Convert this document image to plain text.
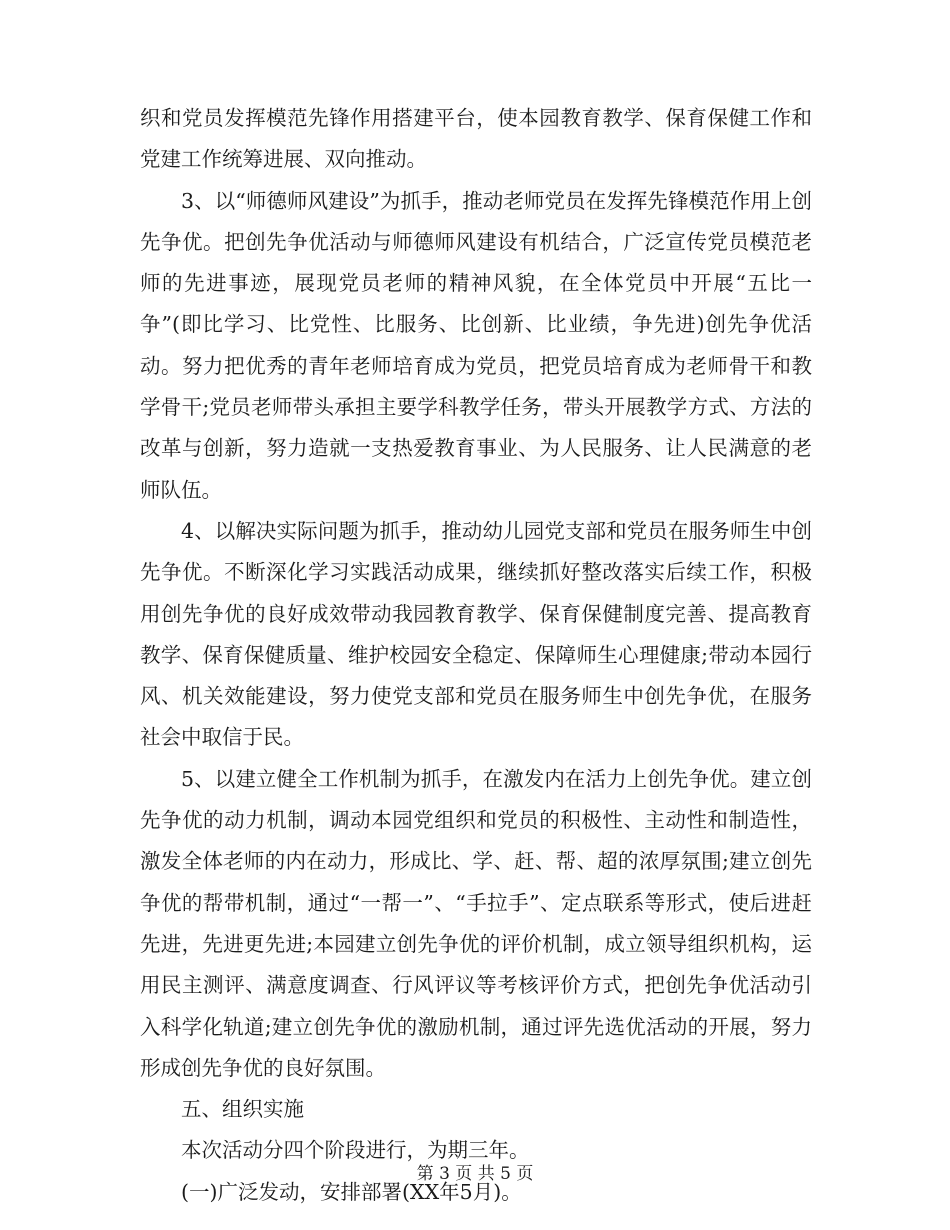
织和党员发挥模范先锋作用搭建平台，使本园教育教学、保育保健工作和党建工作统筹进展、双向推动。

3、以“师德师风建设”为抓手，推动老师党员在发挥先锋模范作用上创先争优。把创先争优活动与师德师风建设有机结合，广泛宣传党员模范老师的先进事迹，展现党员老师的精神风貌，在全体党员中开展“五比一争”(即比学习、比党性、比服务、比创新、比业绩，争先进)创先争优活动。努力把优秀的青年老师培育成为党员，把党员培育成为老师骨干和教学骨干;党员老师带头承担主要学科教学任务，带头开展教学方式、方法的改革与创新，努力造就一支热爱教育事业、为人民服务、让人民满意的老师队伍。

4、以解决实际问题为抓手，推动幼儿园党支部和党员在服务师生中创先争优。不断深化学习实践活动成果，继续抓好整改落实后续工作，积极用创先争优的良好成效带动我园教育教学、保育保健制度完善、提高教育教学、保育保健质量、维护校园安全稳定、保障师生心理健康;带动本园行风、机关效能建设，努力使党支部和党员在服务师生中创先争优，在服务社会中取信于民。

5、以建立健全工作机制为抓手，在激发内在活力上创先争优。建立创先争优的动力机制，调动本园党组织和党员的积极性、主动性和制造性，激发全体老师的内在动力，形成比、学、赶、帮、超的浓厚氛围;建立创先争优的帮带机制，通过“一帮一”、“手拉手”、定点联系等形式，使后进赶先进，先进更先进;本园建立创先争优的评价机制，成立领导组织机构，运用民主测评、满意度调查、行风评议等考核评价方式，把创先争优活动引入科学化轨道;建立创先争优的激励机制，通过评先选优活动的开展，努力形成创先争优的良好氛围。

五、组织实施

本次活动分四个阶段进行，为期三年。

(一)广泛发动，安排部署(XX年5月)。

第 3 页 共 5 页
